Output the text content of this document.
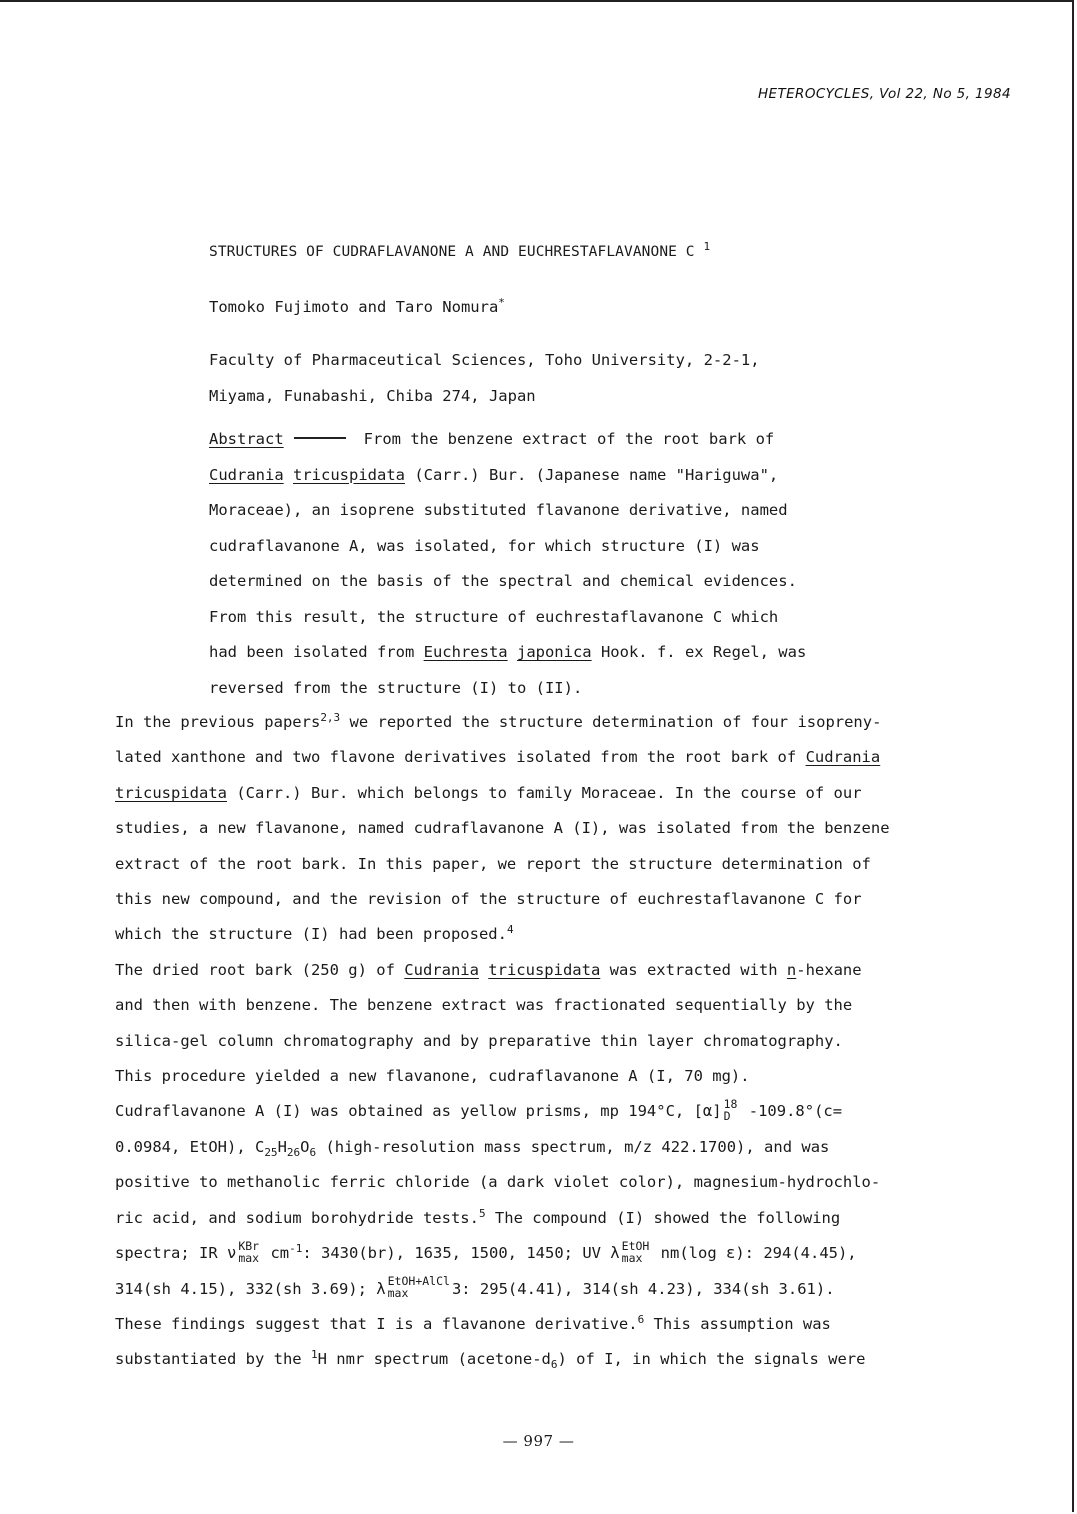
HETEROCYCLES, Vol 22, No 5, 1984
STRUCTURES OF CUDRAFLAVANONE A AND EUCHRESTAFLAVANONE C $^1$
Tomoko Fujimoto and Taro Nomura*
Faculty of Pharmaceutical Sciences, Toho University, 2-2-1,
Miyama, Funabashi, Chiba 274, Japan
Abstract	From the benzene extract of the root bark of
Cudrania tricuspidata (Carr.) Bur. (Japanese name "Hariguwa",
Moraceae), an isoprene substituted flavanone derivative, named
cudraflavanone A, was isolated, for which structure (I) was
determined on the basis of the spectral and chemical evidences.
From this result, the structure of euchrestaflavanone C which
had been isolated from Euchresta japonica Hook. f. ex Regel, was
reversed from the structure (I) to (II).
In the previous papers$^{2,3}$ we reported the structure determination of four isopreny-
lated xanthone and two flavone derivatives isolated from the root bark of Cudrania
tricuspidata (Carr.) Bur. which belongs to family Moraceae. In the course of our
studies, a new flavanone, named cudraflavanone A (I), was isolated from the benzene
extract of the root bark. In this paper, we report the structure determination of
this new compound, and the revision of the structure of euchrestaflavanone C for
which the structure (I) had been proposed.$^4$
The dried root bark (250 g) of Cudrania tricuspidata was extracted with n-hexane
and then with benzene. The benzene extract was fractionated sequentially by the
silica-gel column chromatography and by preparative thin layer chromatography.
This procedure yielded a new flavanone, cudraflavanone A (I, 70 mg).
Cudraflavanone A (I) was obtained as yellow prisms, mp 194°C, [α] 18
D -109.8°(c=
0.0984, EtOH), $C_{25}H_{26}O_6$ (high-resolution mass spectrum, m/z 422.1700), and was
positive to methanolic ferric chloride (a dark violet color), magnesium-hydrochlo-
ric acid, and sodium borohydride tests.$^5$ The compound (I) showed the following
spectra; IR ν KBr
$\max cm^{-1}$: 3430(br), 1635, 1500, 1450; UV λ EtOH
max nm(log ε): 294(4.45),
314(sh 4.15), 332(sh 3.69); λ EtOH+AlCl
max	3: 295(4.41), 314(sh 4.23), 334(sh 3.61).
These findings suggest that I is a flavanone derivative.$^6$ This assumption was
substantiated by the $^1$H nmr spectrum $(acetone-d_6)$ of I, in which the signals were
— 997 —
